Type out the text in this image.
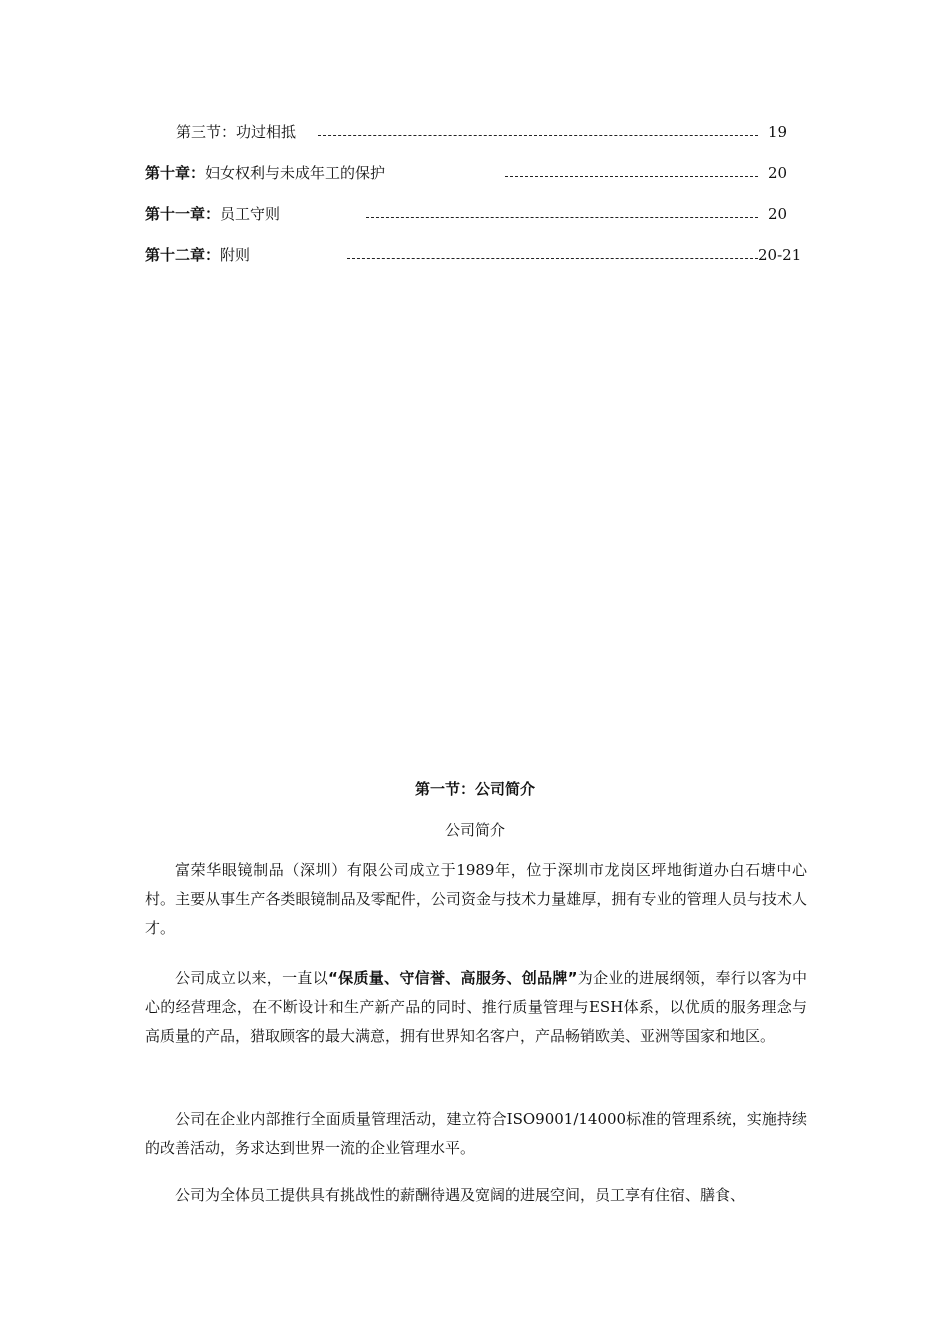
第三节：功过相抵	19
第十章：妇女权利与未成年工的保护	20
第十一章：员工守则	20
第十二章：附则	20-21
第一节：公司简介
公司简介

富荣华眼镜制品（深圳）有限公司成立于1989年，位于深圳市龙岗区坪地街道办白石塘中心村。主要从事生产各类眼镜制品及零配件，公司资金与技术力量雄厚，拥有专业的管理人员与技术人才。

公司成立以来，一直以“保质量、守信誉、高服务、创品牌”为企业的进展纲领，奉行以客为中心的经营理念，在不断设计和生产新产品的同时、推行质量管理与ESH体系，以优质的服务理念与高质量的产品，猎取顾客的最大满意，拥有世界知名客户，产品畅销欧美、亚洲等国家和地区。

公司在企业内部推行全面质量管理活动，建立符合ISO9001/14000标准的管理系统，实施持续的改善活动，务求达到世界一流的企业管理水平。

公司为全体员工提供具有挑战性的薪酬待遇及宽阔的进展空间，员工享有住宿、膳食、
